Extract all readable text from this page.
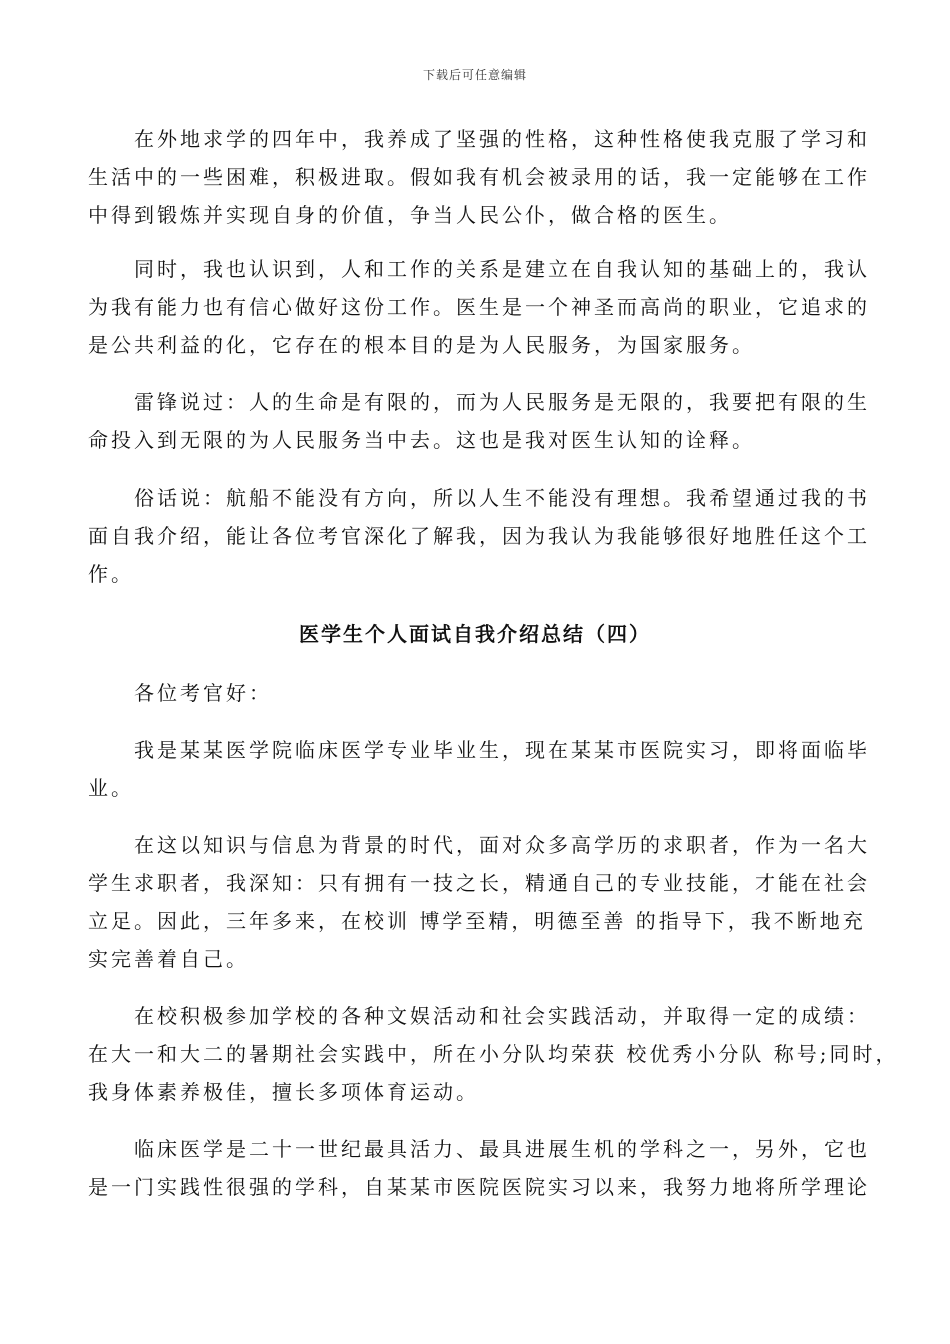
下载后可任意编辑

　　在外地求学的四年中，我养成了坚强的性格，这种性格使我克服了学习和
生活中的一些困难，积极进取。假如我有机会被录用的话，我一定能够在工作
中得到锻炼并实现自身的价值，争当人民公仆，做合格的医生。

　　同时，我也认识到，人和工作的关系是建立在自我认知的基础上的，我认
为我有能力也有信心做好这份工作。医生是一个神圣而高尚的职业，它追求的
是公共利益的化，它存在的根本目的是为人民服务，为国家服务。

　　雷锋说过：人的生命是有限的，而为人民服务是无限的，我要把有限的生
命投入到无限的为人民服务当中去。这也是我对医生认知的诠释。

　　俗话说：航船不能没有方向，所以人生不能没有理想。我希望通过我的书
面自我介绍，能让各位考官深化了解我，因为我认为我能够很好地胜任这个工
作。

医学生个人面试自我介绍总结（四）

　　各位考官好：

　　我是某某医学院临床医学专业毕业生，现在某某市医院实习，即将面临毕
业。

　　在这以知识与信息为背景的时代，面对众多高学历的求职者，作为一名大
学生求职者，我深知：只有拥有一技之长，精通自己的专业技能，才能在社会
立足。因此，三年多来，在校训 博学至精，明德至善 的指导下，我不断地充
实完善着自己。

　　在校积极参加学校的各种文娱活动和社会实践活动，并取得一定的成绩：
在大一和大二的暑期社会实践中，所在小分队均荣获 校优秀小分队 称号;同时，
我身体素养极佳，擅长多项体育运动。

　　临床医学是二十一世纪最具活力、最具进展生机的学科之一，另外，它也
是一门实践性很强的学科，自某某市医院医院实习以来，我努力地将所学理论
